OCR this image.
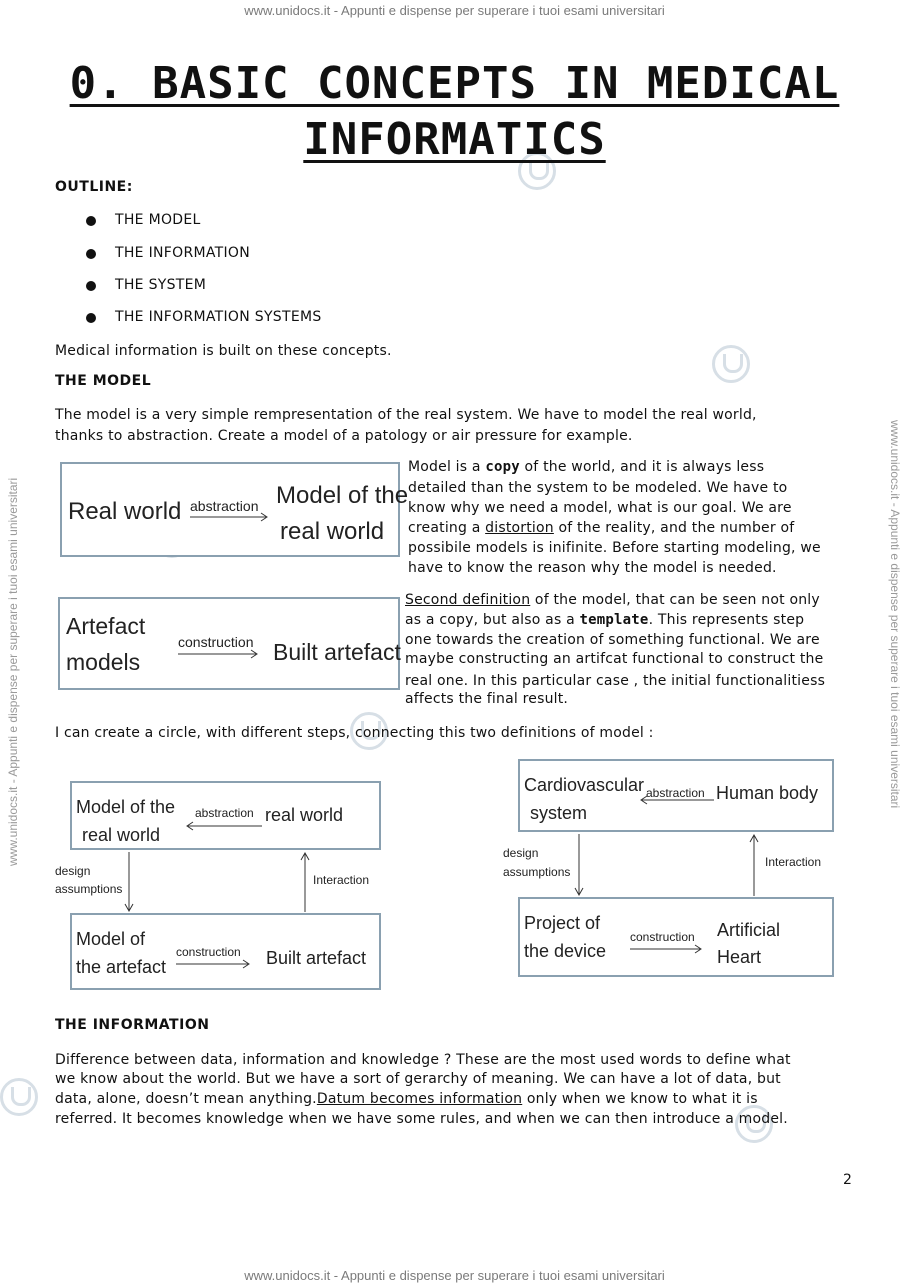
www.unidocs.it - Appunti e dispense per superare i tuoi esami universitari
www.unidocs.it - Appunti e dispense per superare i tuoi esami universitari
www.unidocs.it - Appunti e dispense per superare i tuoi esami universitari	www.unidocs.it - Appunti e dispense per superare i tuoi esami universitari
0. BASIC CONCEPTS IN MEDICAL
INFORMATICS
OUTLINE:
THE MODEL
THE INFORMATION
THE SYSTEM
THE INFORMATION SYSTEMS
Medical information is built on these concepts.
THE MODEL
The model is a very simple rempresentation of the real system. We have to model the real world,
thanks to abstraction. Create a model of a patology or air pressure for example.
Real world abstraction Model of the
real world
Model is a copy of the world, and it is always less
detailed than the system to be modeled. We have to
know why we need a model, what is our goal. We are
creating a distortion of the reality, and the number of
possibile models is inifinite. Before starting modeling, we
have to know the reason why the model is needed.
Artefact
models
construction Built artefact
Second definition of the model, that can be seen not only
as a copy, but also as a template. This represents step
one towards the creation of something functional. We are
maybe constructing an artifcat functional to construct the
real one. In this particular case , the initial functionalitiess
affects the final result.
I can create a circle, with different steps, connecting this two definitions of model :
Model of the
real world
abstraction real world
design
assumptions
Interaction
Model of
the artefact
construction Built artefact
Cardiovascular
system
abstraction Human body
design
assumptions
Interaction
Project of
the device
construction Artificial
Heart
THE INFORMATION
Difference between data, information and knowledge ? These are the most used words to define what
we know about the world. But we have a sort of gerarchy of meaning. We can have a lot of data, but
data, alone, doesn’t mean anything.Datum becomes information only when we know to what it is
referred. It becomes knowledge when we have some rules, and when we can then introduce a model.
2
